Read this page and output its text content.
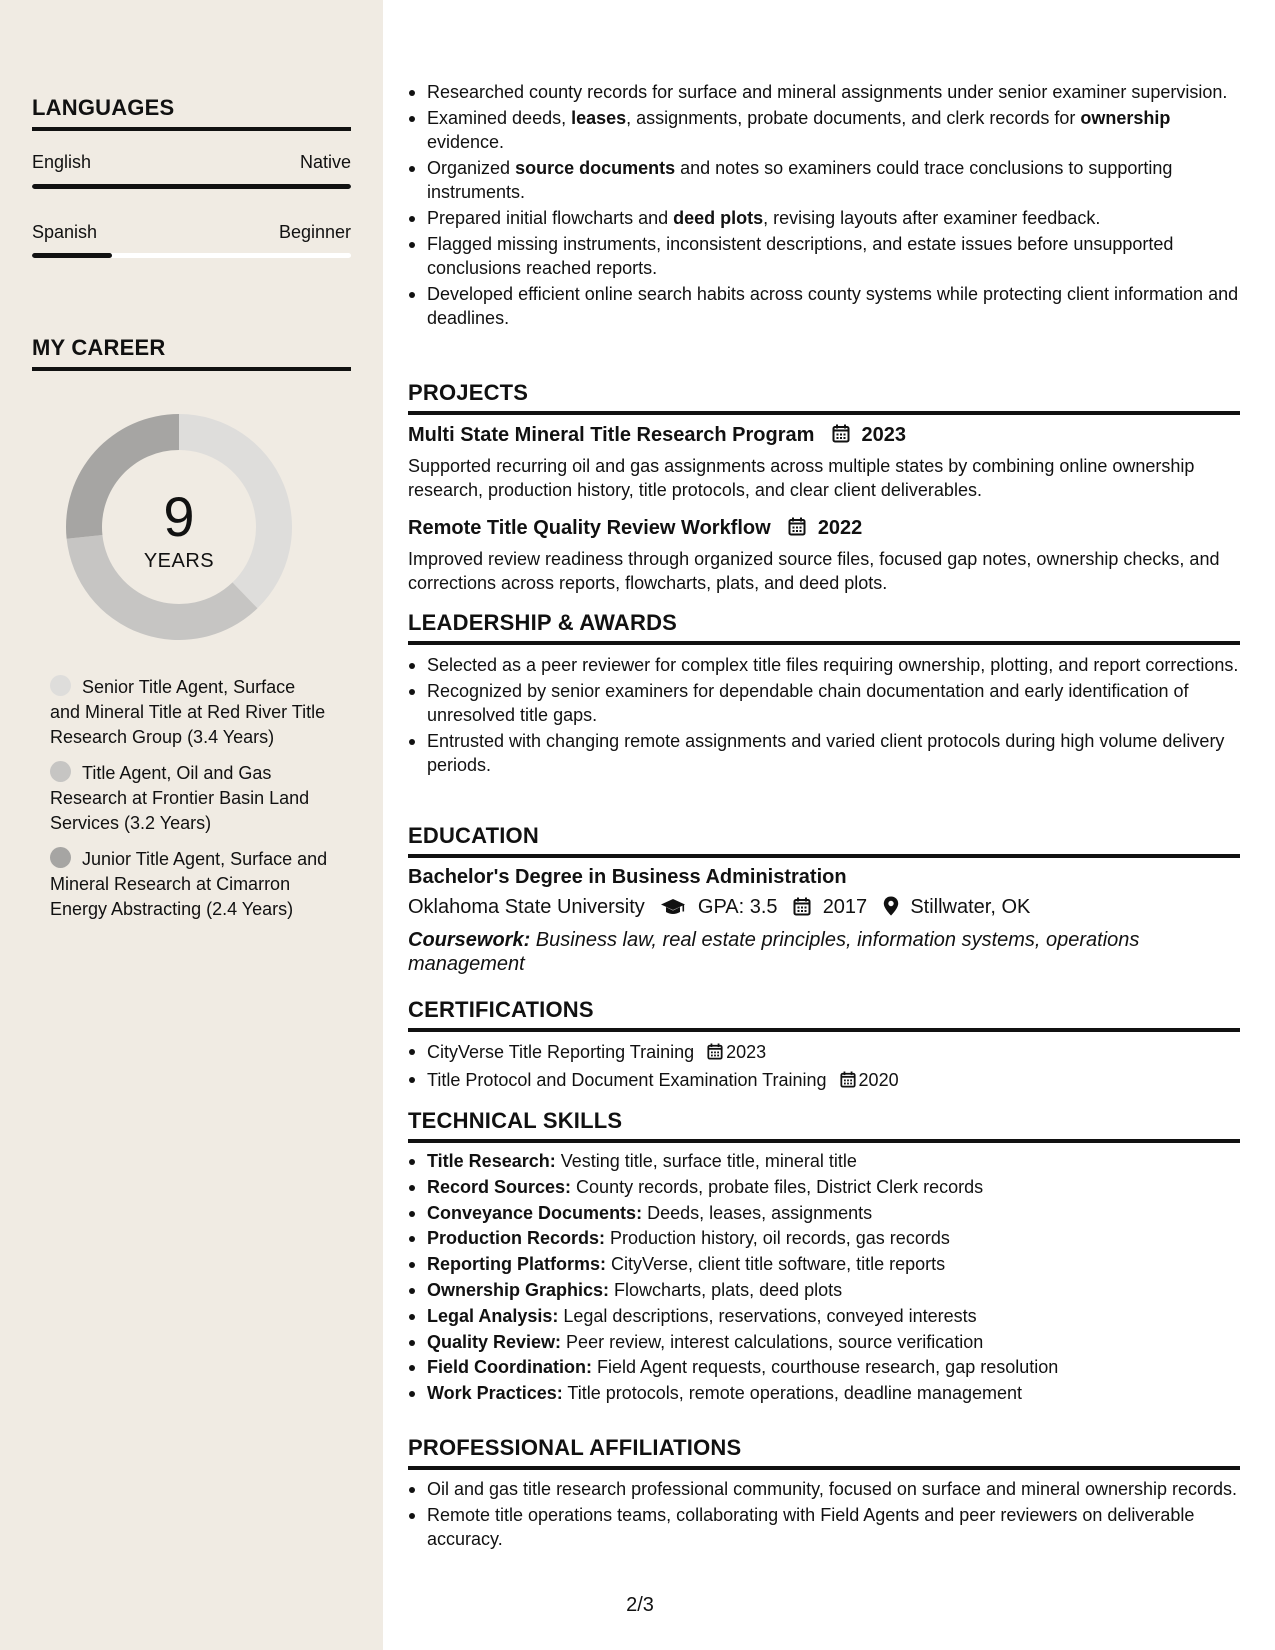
LANGUAGES
English	Native
Spanish	Beginner
MY CAREER
9
YEARS
Senior Title Agent, Surface and Mineral Title at Red River Title Research Group (3.4 Years)
Title Agent, Oil and Gas Research at Frontier Basin Land Services (3.2 Years)
Junior Title Agent, Surface and Mineral Research at Cimarron Energy Abstracting (2.4 Years)
Researched county records for surface and mineral assignments under senior examiner supervision.
Examined deeds, leases, assignments, probate documents, and clerk records for ownership evidence.
Organized source documents and notes so examiners could trace conclusions to supporting instruments.
Prepared initial flowcharts and deed plots, revising layouts after examiner feedback.
Flagged missing instruments, inconsistent descriptions, and estate issues before unsupported conclusions reached reports.
Developed efficient online search habits across county systems while protecting client information and deadlines.
PROJECTS
Multi State Mineral Title Research Program 2023
Supported recurring oil and gas assignments across multiple states by combining online ownership research, production history, title protocols, and clear client deliverables.
Remote Title Quality Review Workflow 2022
Improved review readiness through organized source files, focused gap notes, ownership checks, and corrections across reports, flowcharts, plats, and deed plots.
LEADERSHIP & AWARDS
Selected as a peer reviewer for complex title files requiring ownership, plotting, and report corrections.
Recognized by senior examiners for dependable chain documentation and early identification of unresolved title gaps.
Entrusted with changing remote assignments and varied client protocols during high volume delivery periods.
EDUCATION
Bachelor's Degree in Business Administration
Oklahoma State University	GPA: 3.5 2017 Stillwater, OK
Coursework: Business law, real estate principles, information systems, operations management
CERTIFICATIONS
CityVerse Title Reporting Training 2023
Title Protocol and Document Examination Training 2020
TECHNICAL SKILLS
Title Research: Vesting title, surface title, mineral title
Record Sources: County records, probate files, District Clerk records
Conveyance Documents: Deeds, leases, assignments
Production Records: Production history, oil records, gas records
Reporting Platforms: CityVerse, client title software, title reports
Ownership Graphics: Flowcharts, plats, deed plots
Legal Analysis: Legal descriptions, reservations, conveyed interests
Quality Review: Peer review, interest calculations, source verification
Field Coordination: Field Agent requests, courthouse research, gap resolution
Work Practices: Title protocols, remote operations, deadline management
PROFESSIONAL AFFILIATIONS
Oil and gas title research professional community, focused on surface and mineral ownership records.
Remote title operations teams, collaborating with Field Agents and peer reviewers on deliverable accuracy.
2/3
